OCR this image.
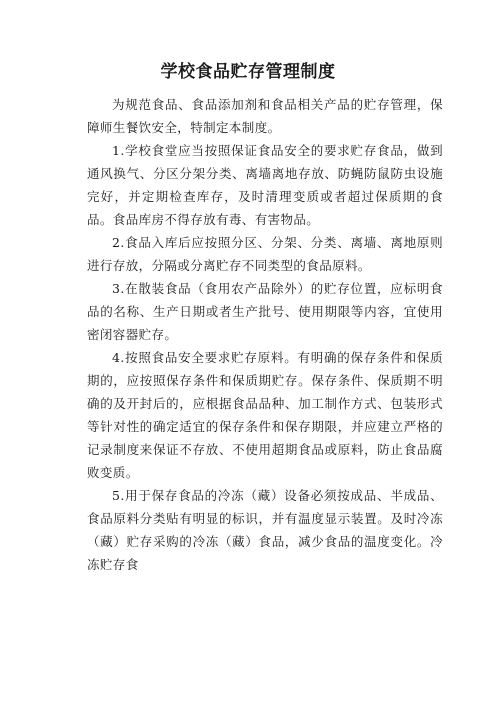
学校食品贮存管理制度

为规范食品、食品添加剂和食品相关产品的贮存管理，保障师生餐饮安全，特制定本制度。

1.学校食堂应当按照保证食品安全的要求贮存食品，做到通风换气、分区分架分类、离墙离地存放、防蝇防鼠防虫设施完好，并定期检查库存，及时清理变质或者超过保质期的食品。食品库房不得存放有毒、有害物品。

2.食品入库后应按照分区、分架、分类、离墙、离地原则进行存放，分隔或分离贮存不同类型的食品原料。

3.在散装食品（食用农产品除外）的贮存位置，应标明食品的名称、生产日期或者生产批号、使用期限等内容，宜使用密闭容器贮存。

4.按照食品安全要求贮存原料。有明确的保存条件和保质期的，应按照保存条件和保质期贮存。保存条件、保质期不明确的及开封后的，应根据食品品种、加工制作方式、包装形式等针对性的确定适宜的保存条件和保存期限，并应建立严格的记录制度来保证不存放、不使用超期食品或原料，防止食品腐败变质。

5.用于保存食品的冷冻（藏）设备必须按成品、半成品、食品原料分类贴有明显的标识，并有温度显示装置。及时冷冻（藏）贮存采购的冷冻（藏）食品，减少食品的温度变化。冷冻贮存食
